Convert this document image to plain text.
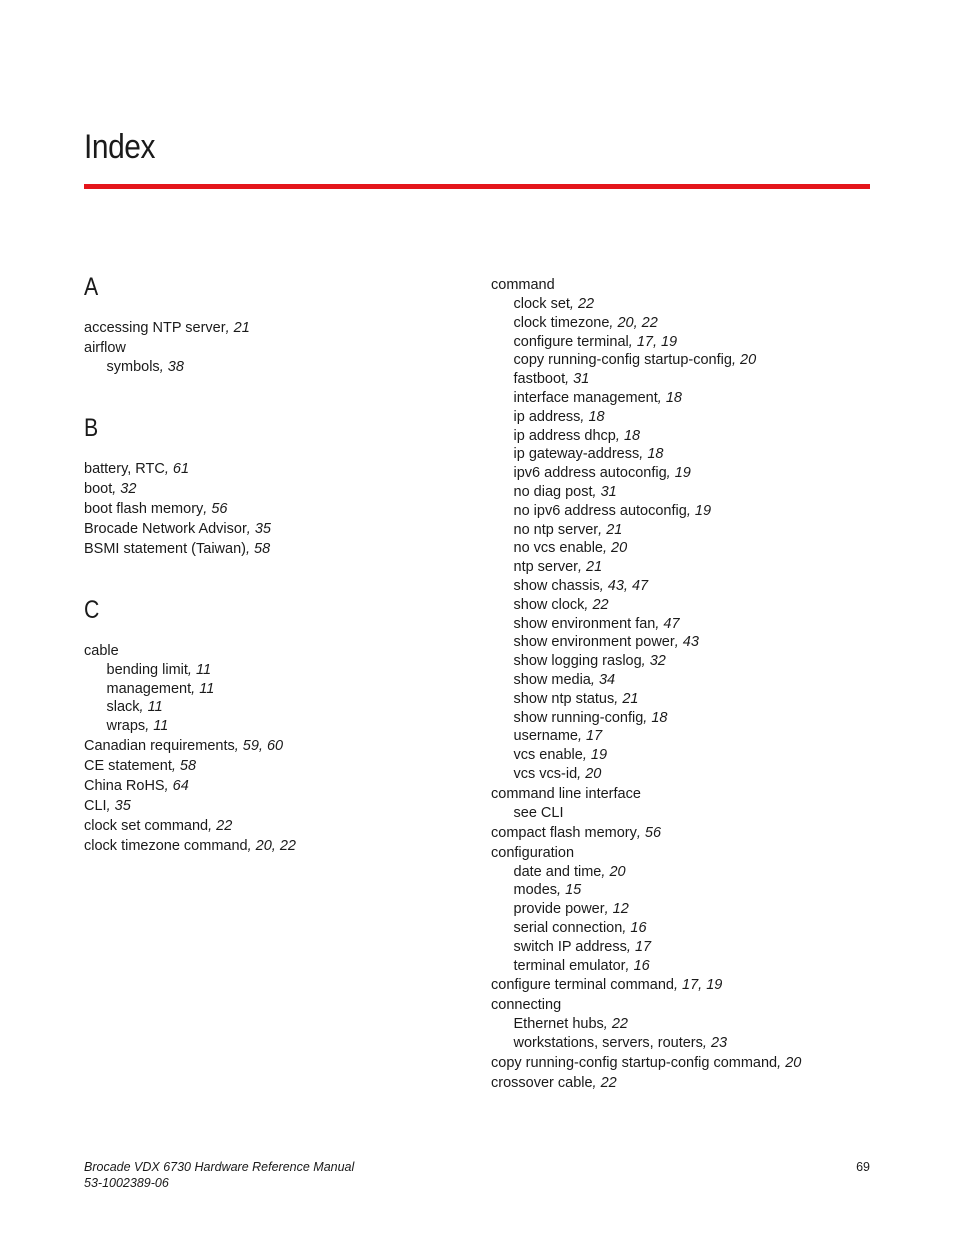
Index
A
accessing NTP server, 21
airflow
symbols, 38
B
battery, RTC, 61
boot, 32
boot flash memory, 56
Brocade Network Advisor, 35
BSMI statement (Taiwan), 58
C
cable
bending limit, 11
management, 11
slack, 11
wraps, 11
Canadian requirements, 59, 60
CE statement, 58
China RoHS, 64
CLI, 35
clock set command, 22
clock timezone command, 20, 22
command
clock set, 22
clock timezone, 20, 22
configure terminal, 17, 19
copy running-config startup-config, 20
fastboot, 31
interface management, 18
ip address, 18
ip address dhcp, 18
ip gateway-address, 18
ipv6 address autoconfig, 19
no diag post, 31
no ipv6 address autoconfig, 19
no ntp server, 21
no vcs enable, 20
ntp server, 21
show chassis, 43, 47
show clock, 22
show environment fan, 47
show environment power, 43
show logging raslog, 32
show media, 34
show ntp status, 21
show running-config, 18
username, 17
vcs enable, 19
vcs vcs-id, 20
command line interface
see CLI
compact flash memory, 56
configuration
date and time, 20
modes, 15
provide power, 12
serial connection, 16
switch IP address, 17
terminal emulator, 16
configure terminal command, 17, 19
connecting
Ethernet hubs, 22
workstations, servers, routers, 23
copy running-config startup-config command, 20
crossover cable, 22
Brocade VDX 6730 Hardware Reference Manual
53-1002389-06
69
